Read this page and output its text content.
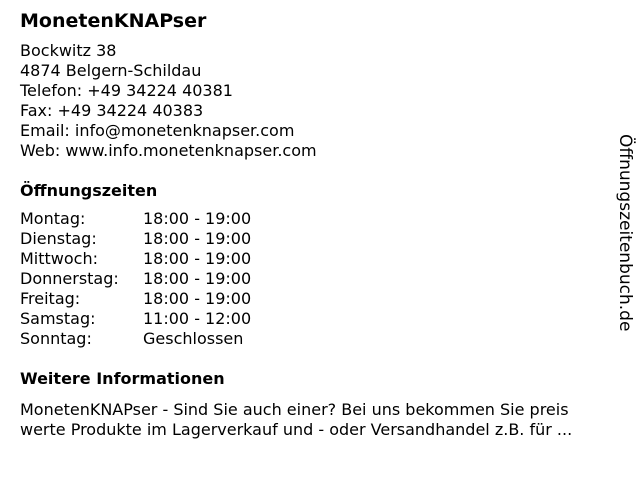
MonetenKNAPser
Bockwitz 38
4874 Belgern-Schildau
Telefon: +49 34224 40381
Fax: +49 34224 40383
Email: info@monetenknapser.com
Web: www.info.monetenknapser.com
Öffnungszeiten
Montag:	18:00 - 19:00
Dienstag:	18:00 - 19:00
Mittwoch:	18:00 - 19:00
Donnerstag:	18:00 - 19:00
Freitag:	18:00 - 19:00
Samstag:	11:00 - 12:00
Sonntag:	Geschlossen
Weitere Informationen
MonetenKNAPser - Sind Sie auch einer? Bei uns bekommen Sie preis
werte Produkte im Lagerverkauf und - oder Versandhandel z.B. für ...
Öffnungszeitenbuch.de
